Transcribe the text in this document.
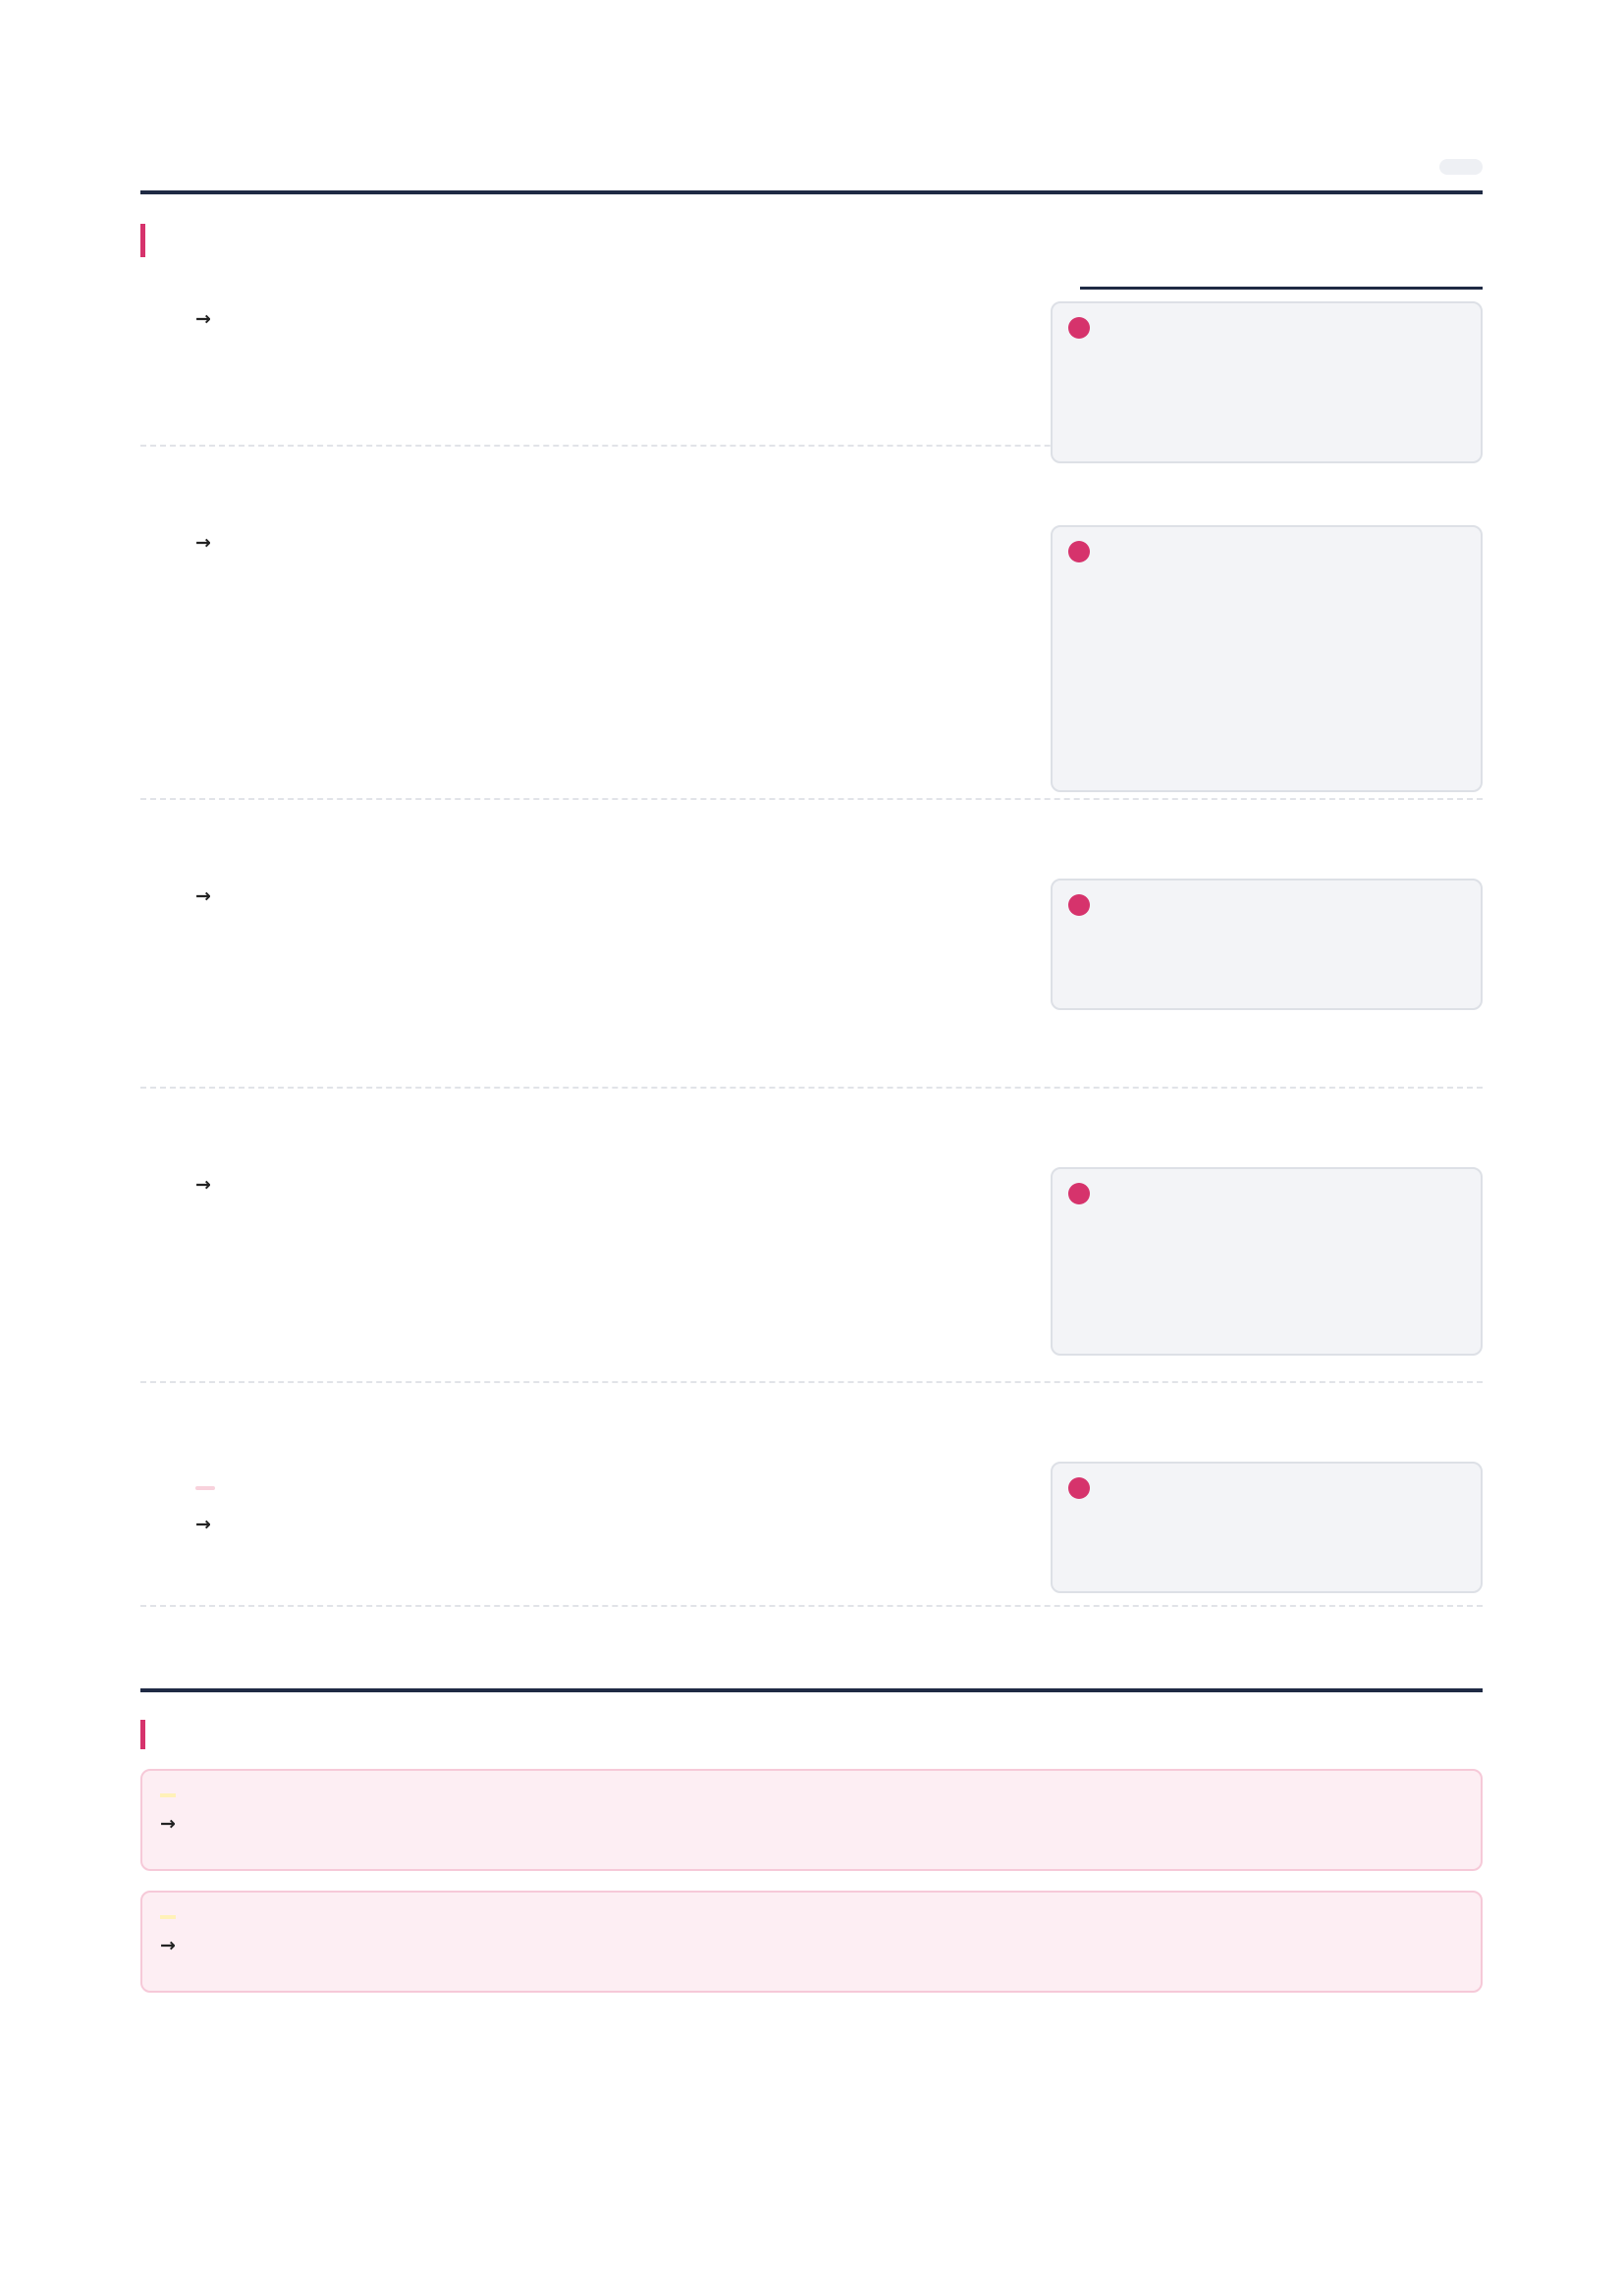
→

→

→

→

→

→
→
